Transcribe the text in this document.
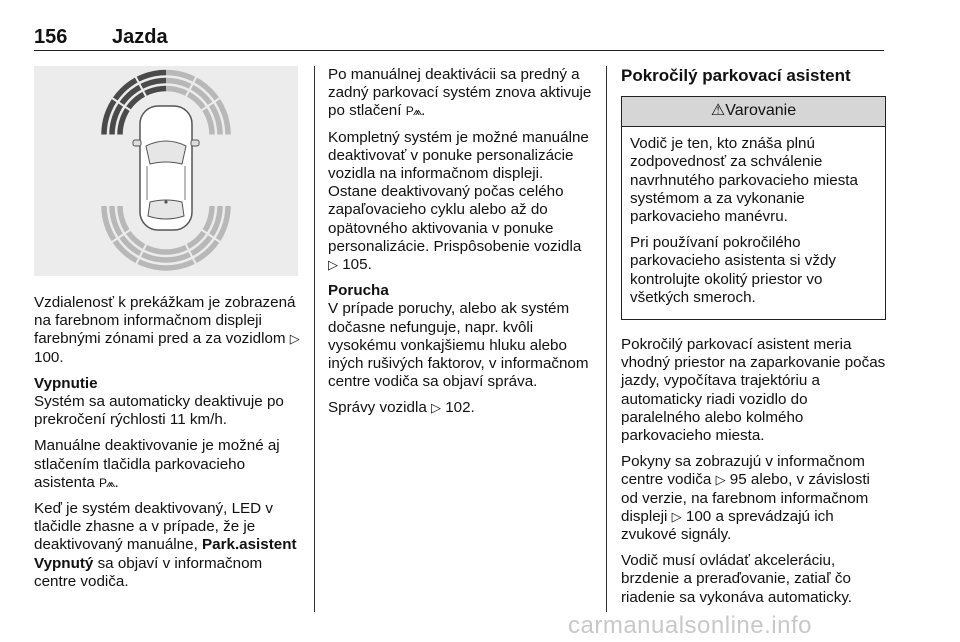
156 Jazda

Vzdialenosť k prekážkam je zobrazená na farebnom informačnom displeji farebnými zónami pred a za vozidlom ▷ 100.

Vypnutie

Systém sa automaticky deaktivuje po prekročení rýchlosti 11 km/h.

Manuálne deaktivovanie je možné aj stlačením tlačidla parkovacieho asistenta P⩕.

Keď je systém deaktivovaný, LED v tlačidle zhasne a v prípade, že je deaktivovaný manuálne, Park.asistent Vypnutý sa objaví v informačnom centre vodiča.

Po manuálnej deaktivácii sa predný a zadný parkovací systém znova aktivuje po stlačení P⩕.

Kompletný systém je možné manuálne deaktivovať v ponuke personalizácie vozidla na informačnom displeji. Ostane deaktivovaný počas celého zapaľovacieho cyklu alebo až do opätovného aktivovania v ponuke personalizácie. Prispôsobenie vozidla ▷ 105.

Porucha

V prípade poruchy, alebo ak systém dočasne nefunguje, napr. kvôli vysokému vonkajšiemu hluku alebo iných rušivých faktorov, v informačnom centre vodiča sa objaví správa.

Správy vozidla ▷ 102.

Pokročilý parkovací asistent

⚠Varovanie

Vodič je ten, kto znáša plnú zodpovednosť za schválenie navrhnutého parkovacieho miesta systémom a za vykonanie parkovacieho manévru.

Pri používaní pokročilého parkovacieho asistenta si vždy kontrolujte okolitý priestor vo všetkých smeroch.

Pokročilý parkovací asistent meria vhodný priestor na zaparkovanie počas jazdy, vypočítava trajektóriu a automaticky riadi vozidlo do paralelného alebo kolmého parkovacieho miesta.

Pokyny sa zobrazujú v informačnom centre vodiča ▷ 95 alebo, v závislosti od verzie, na farebnom informačnom displeji ▷ 100 a sprevádzajú ich zvukové signály.

Vodič musí ovládať akceleráciu, brzdenie a preraďovanie, zatiaľ čo riadenie sa vykonáva automaticky.

carmanualsonline.info
